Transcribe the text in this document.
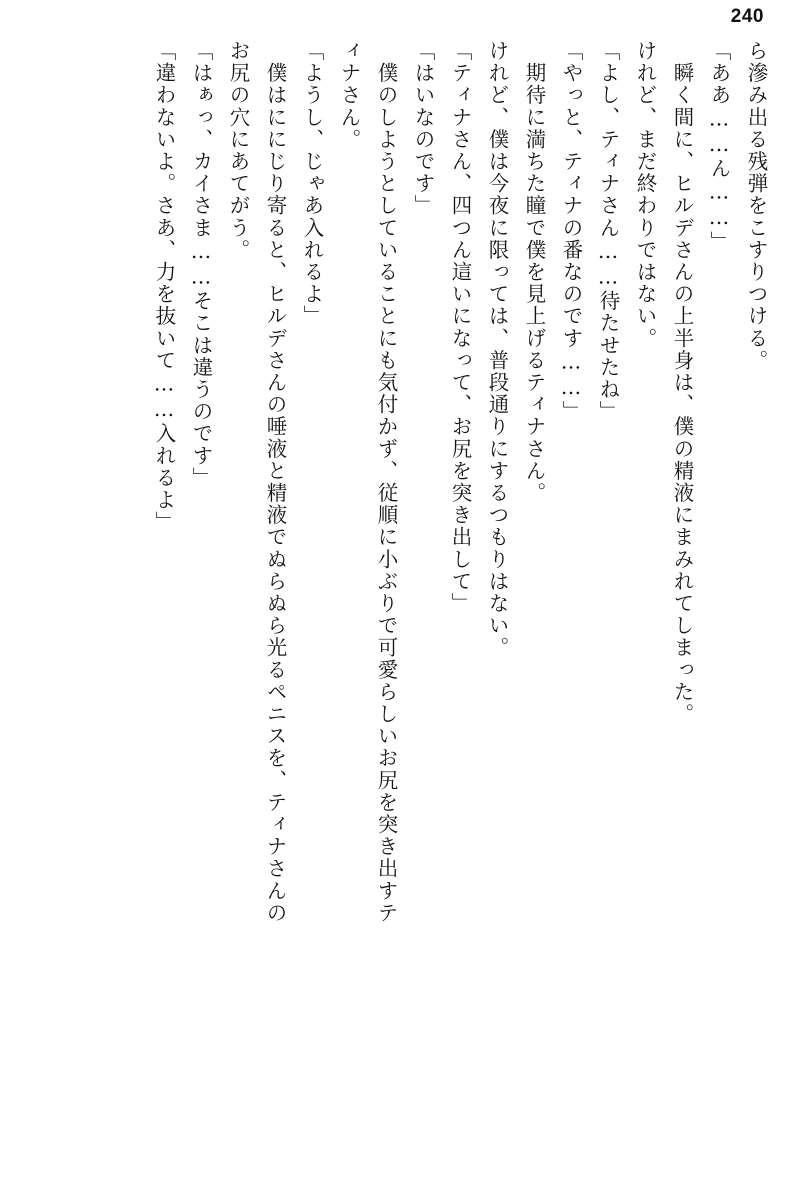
240
ら滲み出る残弾をこすりつける。
「ああ……ん……」
　瞬く間に、ヒルデさんの上半身は、僕の精液にまみれてしまった。
けれど、まだ終わりではない。
「よし、ティナさん……待たせたね」
「やっと、ティナの番なのです……」
　期待に満ちた瞳で僕を見上げるティナさん。
けれど、僕は今夜に限っては、普段通りにするつもりはない。
「ティナさん、四つん這いになって、お尻を突き出して」
「はいなのです」
　僕のしようとしていることにも気付かず、従順に小ぶりで可愛らしいお尻を突き出すテ
ィナさん。
「ようし、じゃあ入れるよ」
　僕はににじり寄ると、ヒルデさんの唾液と精液でぬらぬら光るペニスを、ティナさんの
お尻の穴にあてがう。
「はぁっ、カイさま……そこは違うのです」
「違わないよ。さあ、力を抜いて……入れるよ」
